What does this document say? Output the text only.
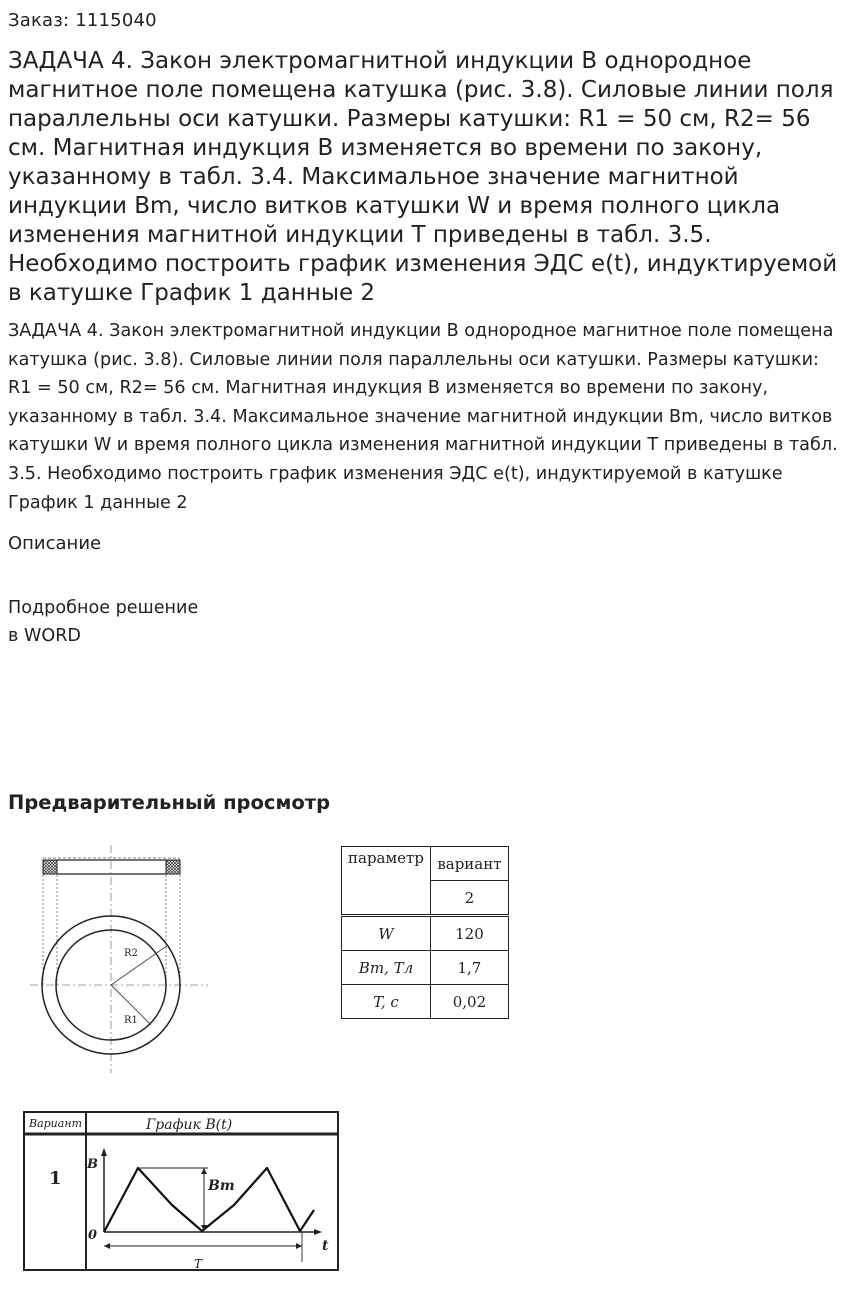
Заказ: 1115040
ЗАДАЧА 4. Закон электромагнитной индукции В однородное магнитное поле помещена катушка (рис. 3.8). Силовые линии поля параллельны оси катушки. Размеры катушки: R1 = 50 см, R2= 56 см. Магнитная индукция В изменяется во времени по закону, указанному в табл. 3.4. Максимальное значение магнитной индукции Bm, число витков катушки W и время полного цикла изменения магнитной индукции T приведены в табл. 3.5. Необходимо построить график изменения ЭДС e(t), индуктируемой в катушке График 1 данные 2

ЗАДАЧА 4. Закон электромагнитной индукции В однородное магнитное поле помещена катушка (рис. 3.8). Силовые линии поля параллельны оси катушки. Размеры катушки: R1 = 50 см, R2= 56 см. Магнитная индукция В изменяется во времени по закону, указанному в табл. 3.4. Максимальное значение магнитной индукции Bm, число витков катушки W и время полного цикла изменения магнитной индукции T приведены в табл. 3.5. Необходимо построить график изменения ЭДС e(t), индуктируемой в катушке График 1 данные 2

Описание
Подробное решение
в WORD
Предварительный просмотр
R2
R1
параметр	вариант
	2
W	120
Bm, Тл	1,7
T, c	0,02
Вариант	График B(t)
1
B
0
t
Bm
T
